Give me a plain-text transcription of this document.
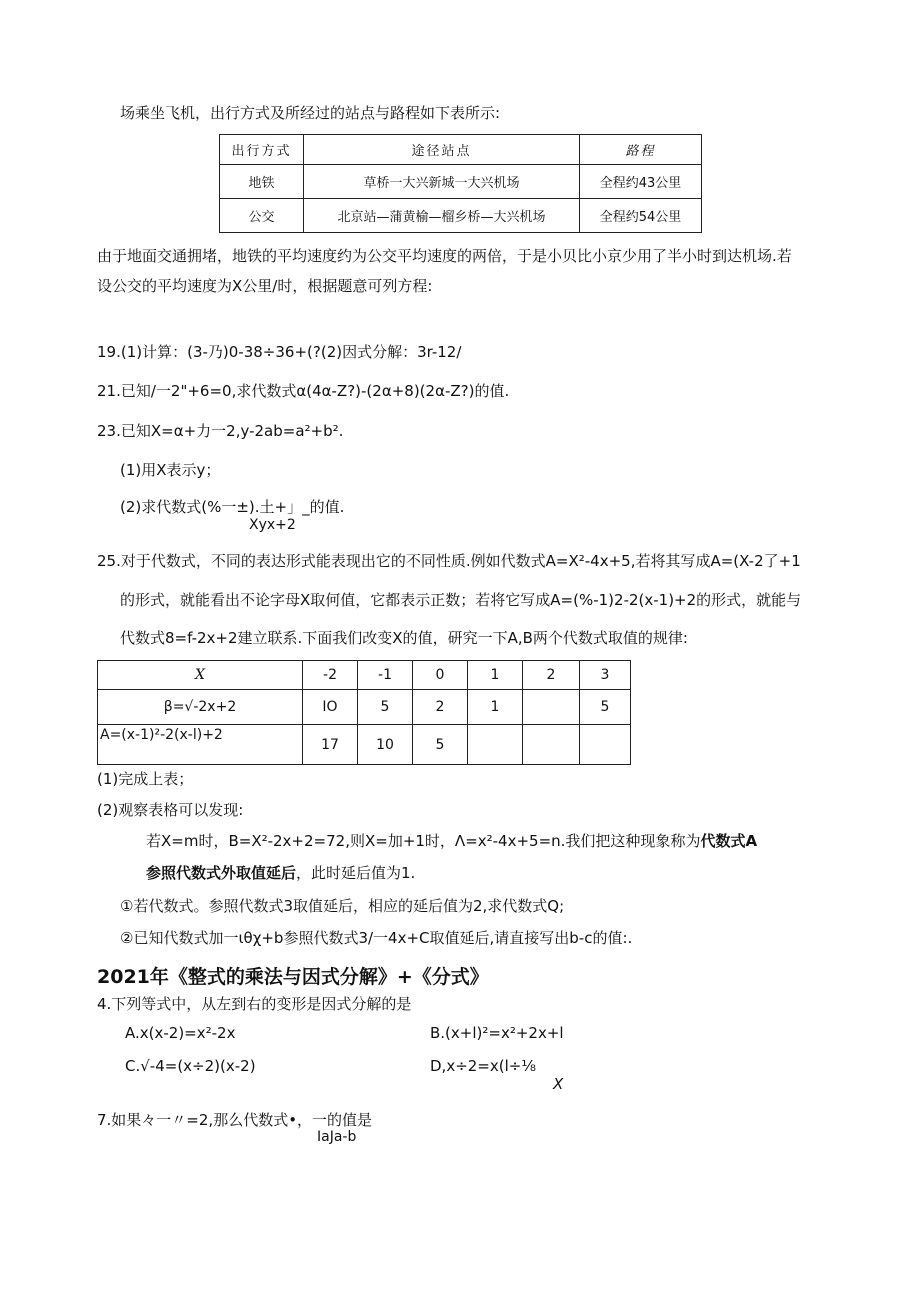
场乘坐飞机，出行方式及所经过的站点与路程如下表所示:
出行方式	途径站点	路程
地铁	草桥一大兴新城一大兴机场	全程约43公里
公交	北京站—蒲黄榆—榴乡桥—大兴机场	全程约54公里
由于地面交通拥堵，地铁的平均速度约为公交平均速度的两倍，于是小贝比小京少用了半小时到达机场.若
设公交的平均速度为X公里/时，根据题意可列方程:
19.(1)计算：(3-乃)0-38÷36+(?(2)因式分解：3r-12∕
21.已知/一2"+6=0,求代数式α(4α-Z?)-(2α+8)(2α-Z?)的值.
23.已知X=α+力一2,y-2ab=a²+b².
(1)用X表示y；
(2)求代数式(%一±).土+」_的值.
Xyx+2
25.对于代数式，不同的表达形式能表现出它的不同性质.例如代数式A=X²-4x+5,若将其写成A=(X-2了+1
的形式，就能看出不论字母X取何值，它都表示正数；若将它写成A=(%-1)2-2(x-1)+2的形式，就能与
代数式8=f-2x+2建立联系.下面我们改变X的值，研究一下A,B两个代数式取值的规律:
X	-2	-1	0	1	2	3
β=√-2x+2	IO	5	2	1		5
A=(x-1)²-2(x-l)+2	17	10	5			
(1)完成上表；
(2)观察表格可以发现:
若X=m时，B=X²-2x+2=72,则X=加+1时，Λ=x²-4x+5=n.我们把这种现象称为代数式A
参照代数式外取值延后，此时延后值为1.
①若代数式。参照代数式3取值延后，相应的延后值为2,求代数式Q;
②已知代数式加一ιθχ+b参照代数式3/一4x+C取值延后,请直接写出b-c的值:.
2021年《整式的乘法与因式分解》+《分式》
4.下列等式中，从左到右的变形是因式分解的是
A.x(x-2)=x²-2x	B.(x+l)²=x²+2x+l
C.√-4=(x÷2)(x-2)	D,x÷2=x(l÷⅛
X
7.如果々一〃=2,那么代数式•，一的值是
IaJa-b
